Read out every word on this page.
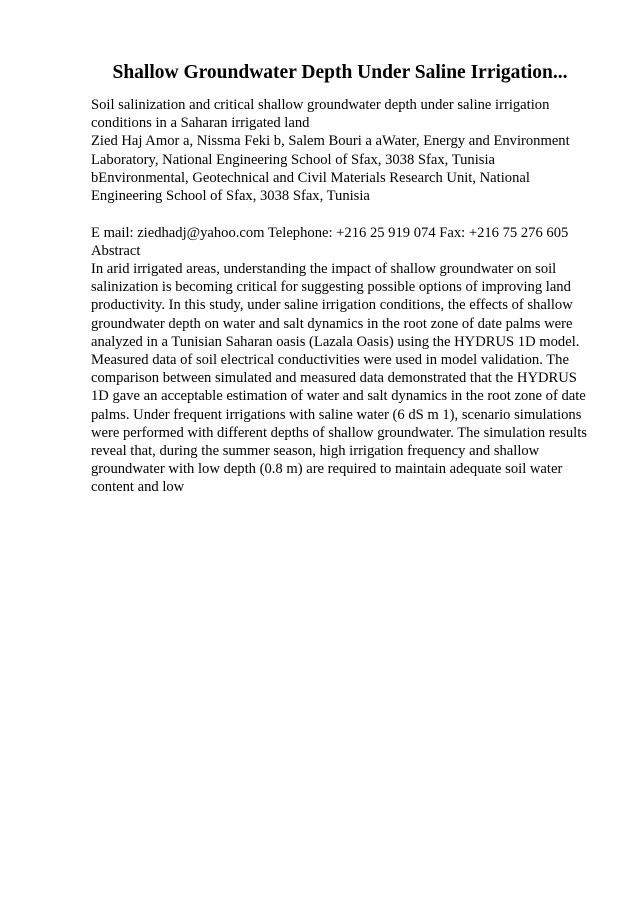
Shallow Groundwater Depth Under Saline Irrigation...
Soil salinization and critical shallow groundwater depth under saline irrigation
conditions in a Saharan irrigated land
Zied Haj Amor a, Nissma Feki b, Salem Bouri a aWater, Energy and Environment
Laboratory, National Engineering School of Sfax, 3038 Sfax, Tunisia
bEnvironmental, Geotechnical and Civil Materials Research Unit, National
Engineering School of Sfax, 3038 Sfax, Tunisia
E mail: ziedhadj@yahoo.com Telephone: +216 25 919 074 Fax: +216 75 276 605
Abstract
In arid irrigated areas, understanding the impact of shallow groundwater on soil
salinization is becoming critical for suggesting possible options of improving land
productivity. In this study, under saline irrigation conditions, the effects of shallow
groundwater depth on water and salt dynamics in the root zone of date palms were
analyzed in a Tunisian Saharan oasis (Lazala Oasis) using the HYDRUS 1D model.
Measured data of soil electrical conductivities were used in model validation. The
comparison between simulated and measured data demonstrated that the HYDRUS
1D gave an acceptable estimation of water and salt dynamics in the root zone of date
palms. Under frequent irrigations with saline water (6 dS m 1), scenario simulations
were performed with different depths of shallow groundwater. The simulation results
reveal that, during the summer season, high irrigation frequency and shallow
groundwater with low depth (0.8 m) are required to maintain adequate soil water
content and low
